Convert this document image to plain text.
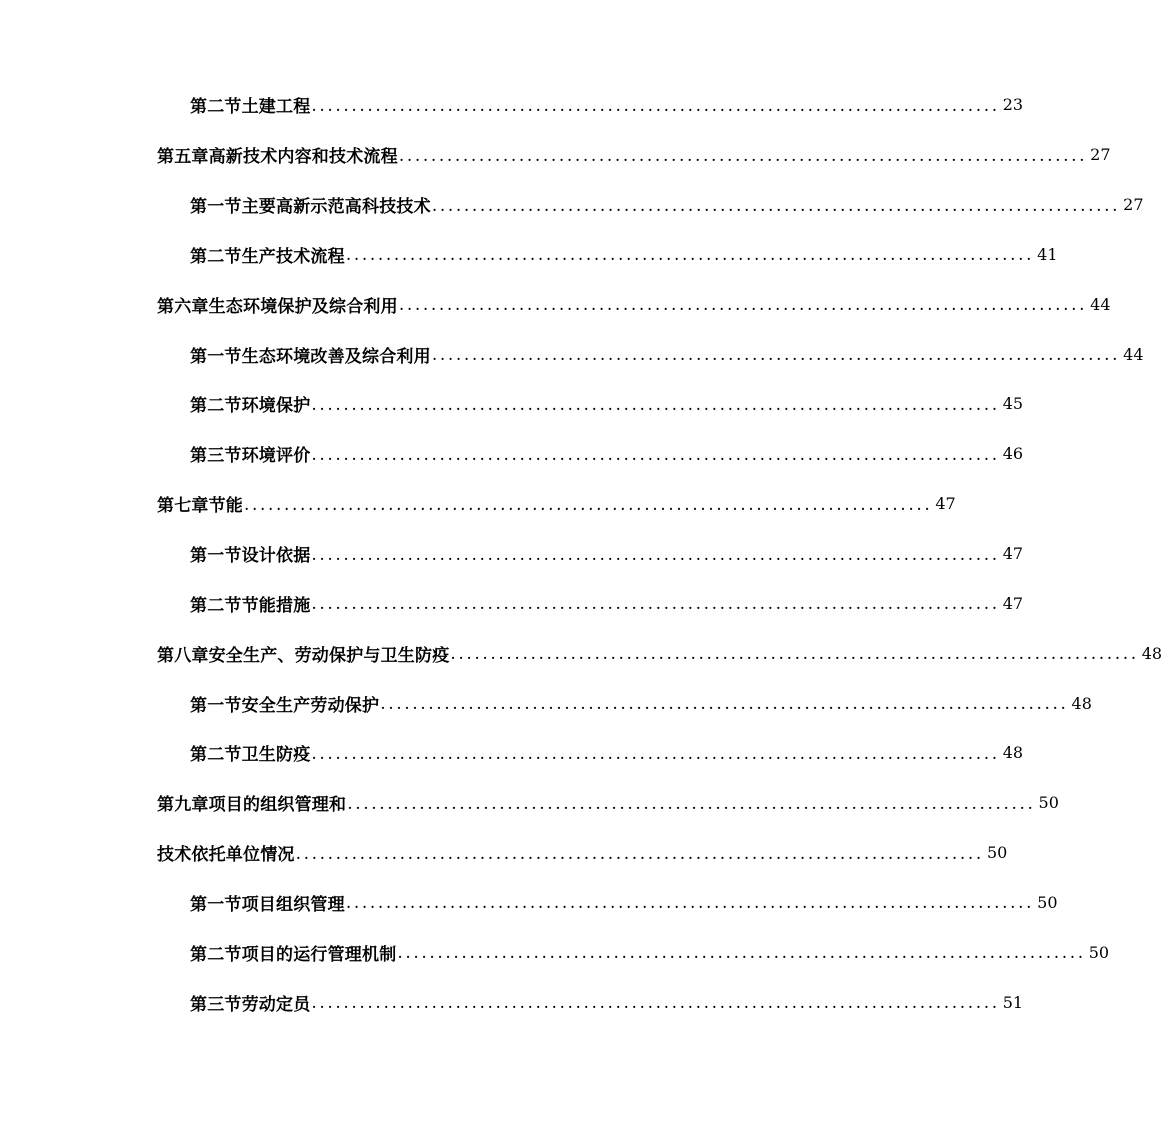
第二节土建工程 ...................................................................................... 23
第五章高新技术内容和技术流程 ...................................................................................... 27
第一节主要高新示范高科技技术 ...................................................................................... 27
第二节生产技术流程 ...................................................................................... 41
第六章生态环境保护及综合利用 ...................................................................................... 44
第一节生态环境改善及综合利用 ...................................................................................... 44
第二节环境保护 ...................................................................................... 45
第三节环境评价 ...................................................................................... 46
第七章节能 ...................................................................................... 47
第一节设计依据 ...................................................................................... 47
第二节节能措施 ...................................................................................... 47
第八章安全生产、劳动保护与卫生防疫 ...................................................................................... 48
第一节安全生产劳动保护 ...................................................................................... 48
第二节卫生防疫 ...................................................................................... 48
第九章项目的组织管理和 ...................................................................................... 50
技术依托单位情况 ...................................................................................... 50
第一节项目组织管理 ...................................................................................... 50
第二节项目的运行管理机制 ...................................................................................... 50
第三节劳动定员 ...................................................................................... 51
